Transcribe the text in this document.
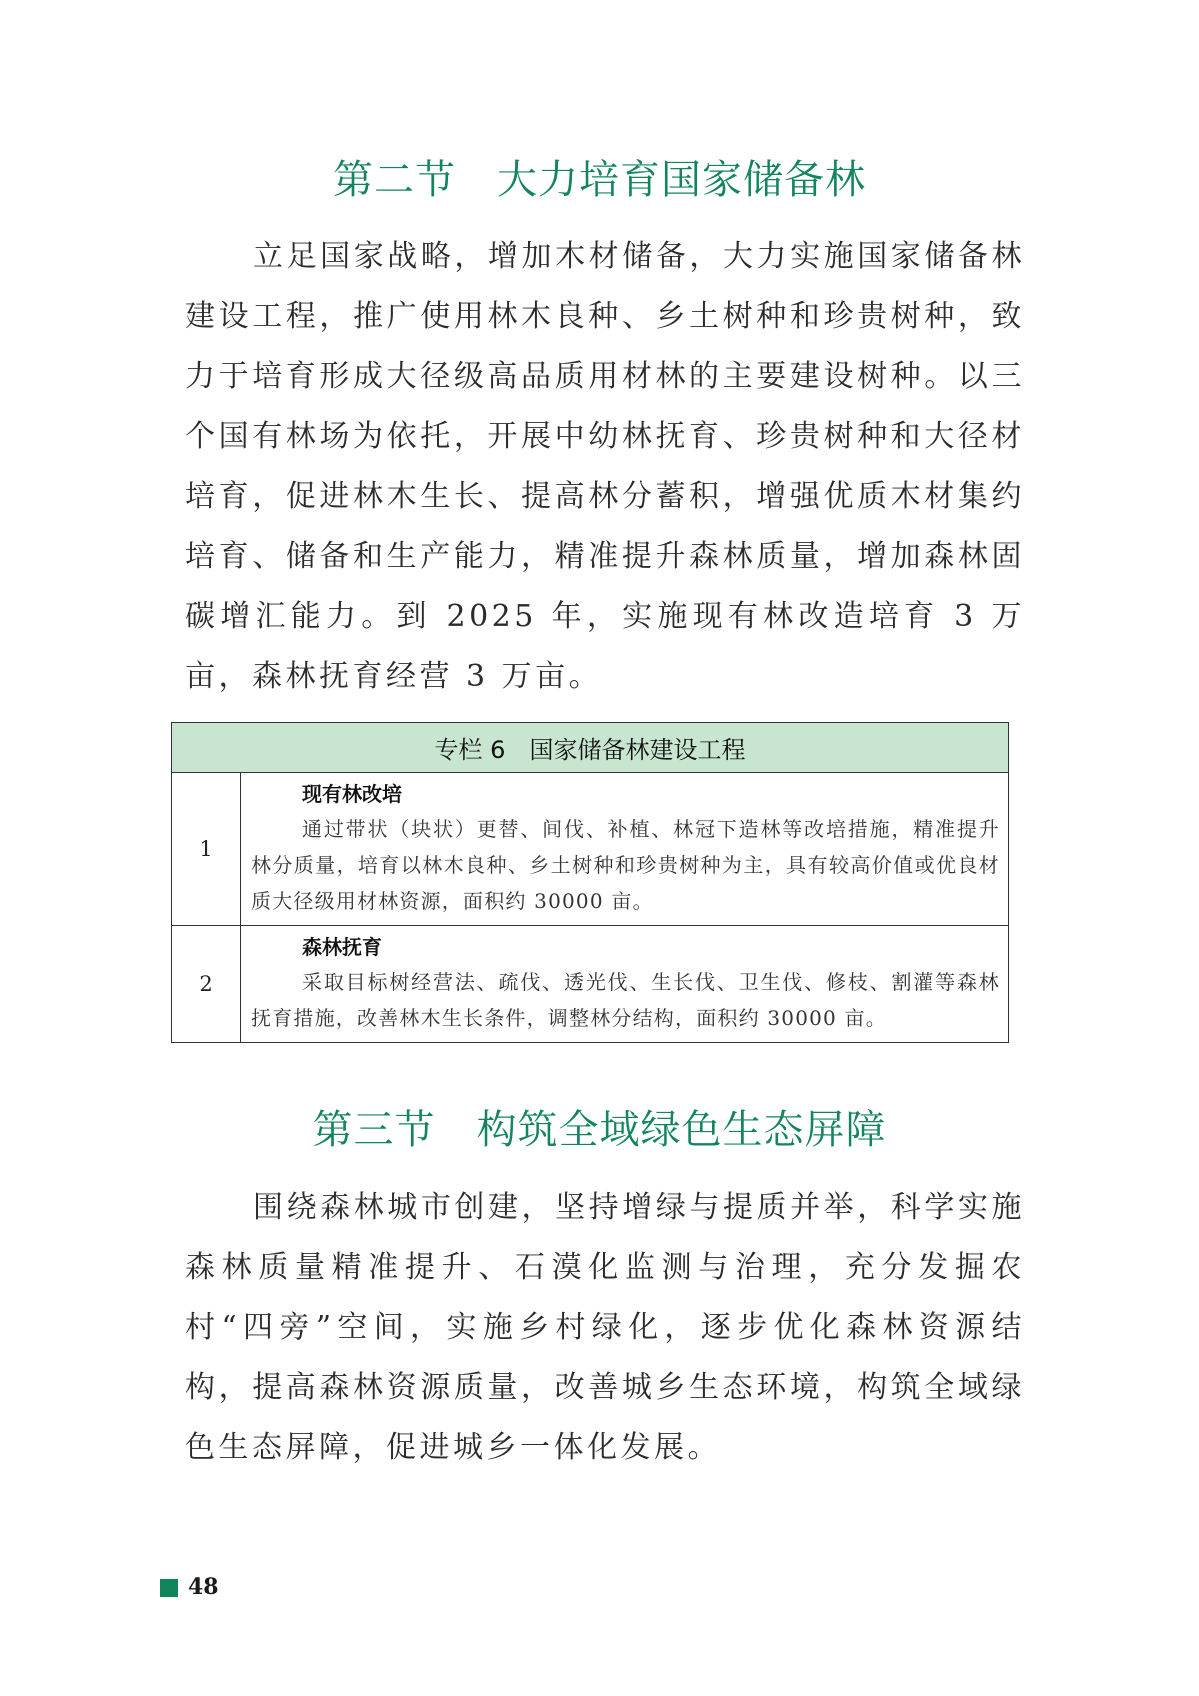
第二节　大力培育国家储备林

立足国家战略，增加木材储备，大力实施国家储备林建设工程，推广使用林木良种、乡土树种和珍贵树种，致力于培育形成大径级高品质用材林的主要建设树种。以三个国有林场为依托，开展中幼林抚育、珍贵树种和大径材培育，促进林木生长、提高林分蓄积，增强优质木材集约培育、储备和生产能力，精准提升森林质量，增加森林固碳增汇能力。到 2025 年，实施现有林改造培育 3 万亩，森林抚育经营 3 万亩。

专栏 6　国家储备林建设工程	
1	现有林改培
通过带状（块状）更替、间伐、补植、林冠下造林等改培措施，精准提升林分质量，培育以林木良种、乡土树种和珍贵树种为主，具有较高价值或优良材质大径级用材林资源，面积约 30000 亩。

2	森林抚育
采取目标树经营法、疏伐、透光伐、生长伐、卫生伐、修枝、割灌等森林抚育措施，改善林木生长条件，调整林分结构，面积约 30000 亩。
第三节　构筑全域绿色生态屏障

围绕森林城市创建，坚持增绿与提质并举，科学实施森林质量精准提升、石漠化监测与治理，充分发掘农村“四旁”空间，实施乡村绿化，逐步优化森林资源结构，提高森林资源质量，改善城乡生态环境，构筑全域绿色生态屏障，促进城乡一体化发展。

48
